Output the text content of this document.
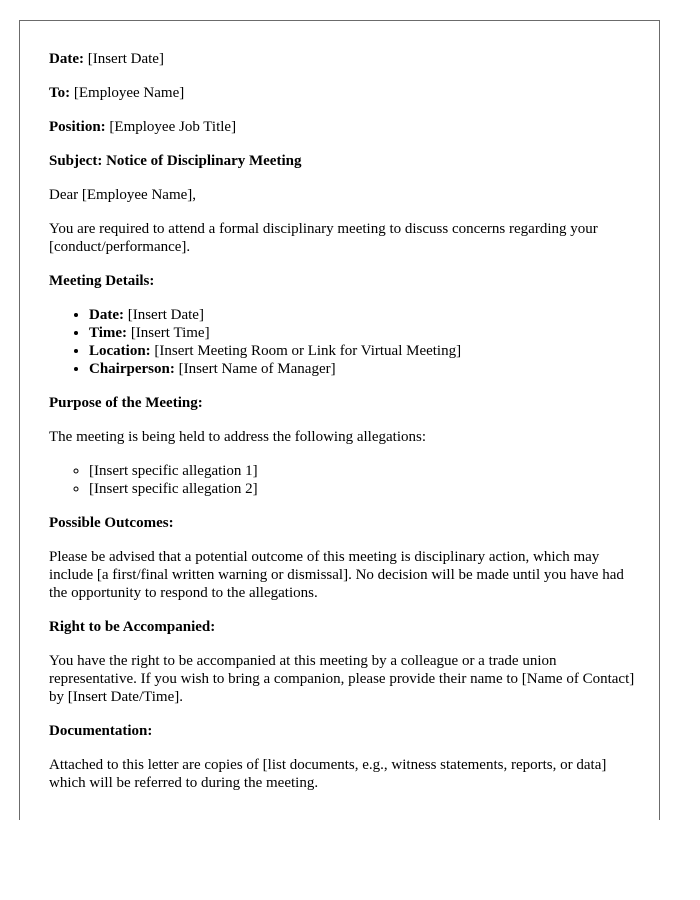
Date: [Insert Date]

To: [Employee Name]

Position: [Employee Job Title]

Subject: Notice of Disciplinary Meeting

Dear [Employee Name],

You are required to attend a formal disciplinary meeting to discuss concerns regarding your [conduct/performance].

Meeting Details:

• Date: [Insert Date]
• Time: [Insert Time]
• Location: [Insert Meeting Room or Link for Virtual Meeting]
• Chairperson: [Insert Name of Manager]

Purpose of the Meeting:

The meeting is being held to address the following allegations:

◦ [Insert specific allegation 1]
◦ [Insert specific allegation 2]

Possible Outcomes:

Please be advised that a potential outcome of this meeting is disciplinary action, which may include [a first/final written warning or dismissal]. No decision will be made until you have had the opportunity to respond to the allegations.

Right to be Accompanied:

You have the right to be accompanied at this meeting by a colleague or a trade union representative. If you wish to bring a companion, please provide their name to [Name of Contact] by [Insert Date/Time].

Documentation:

Attached to this letter are copies of [list documents, e.g., witness statements, reports, or data] which will be referred to during the meeting.
